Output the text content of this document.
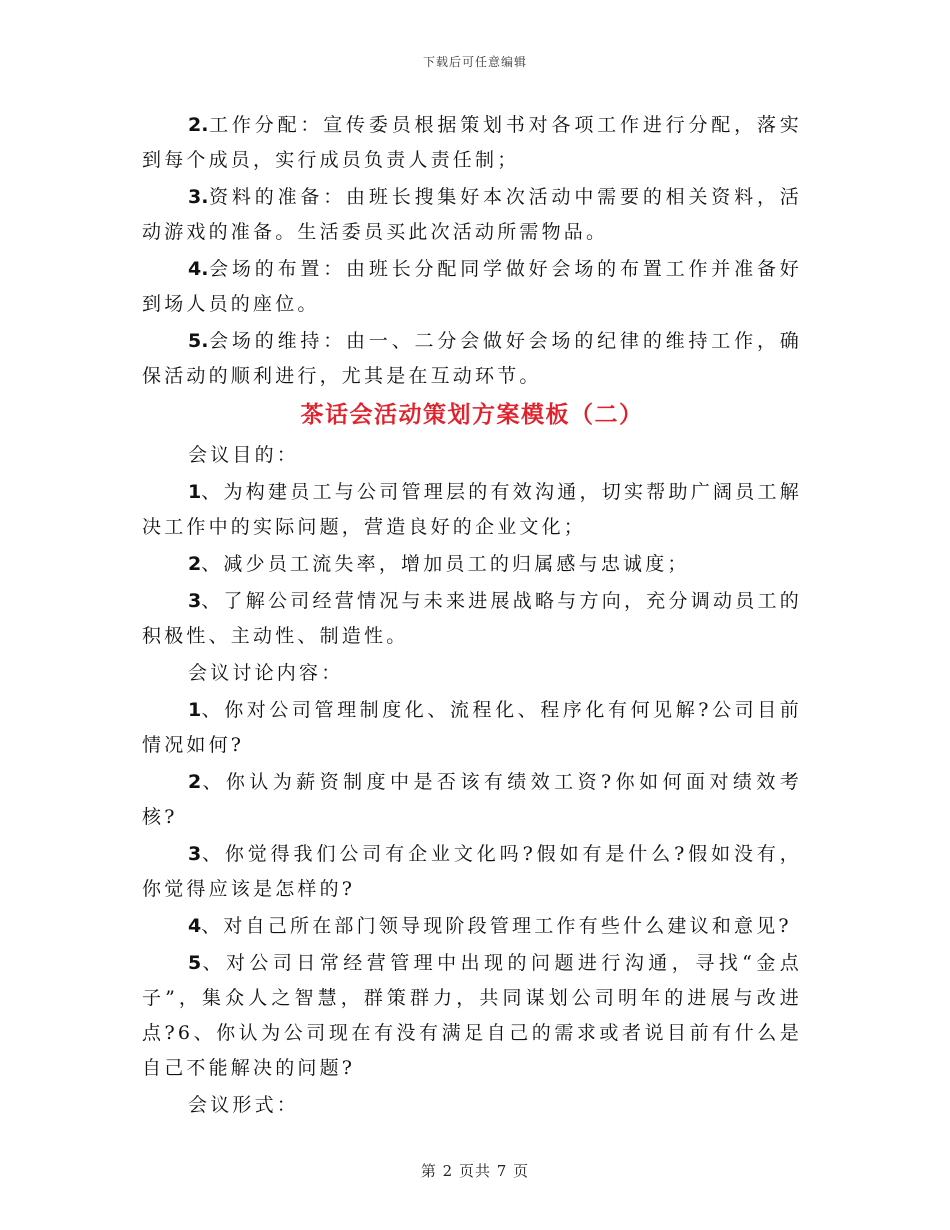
下载后可任意编辑

2.工作分配：宣传委员根据策划书对各项工作进行分配，落实到每个成员，实行成员负责人责任制；

3.资料的准备：由班长搜集好本次活动中需要的相关资料，活动游戏的准备。生活委员买此次活动所需物品。

4.会场的布置：由班长分配同学做好会场的布置工作并准备好到场人员的座位。

5.会场的维持：由一、二分会做好会场的纪律的维持工作，确保活动的顺利进行，尤其是在互动环节。

茶话会活动策划方案模板（二）

会议目的：

1、为构建员工与公司管理层的有效沟通，切实帮助广阔员工解决工作中的实际问题，营造良好的企业文化；

2、减少员工流失率，增加员工的归属感与忠诚度；

3、了解公司经营情况与未来进展战略与方向，充分调动员工的积极性、主动性、制造性。

会议讨论内容：

1、你对公司管理制度化、流程化、程序化有何见解?公司目前情况如何?

2、你认为薪资制度中是否该有绩效工资?你如何面对绩效考核?

3、你觉得我们公司有企业文化吗?假如有是什么?假如没有，你觉得应该是怎样的?

4、对自己所在部门领导现阶段管理工作有些什么建议和意见?

5、对公司日常经营管理中出现的问题进行沟通，寻找“金点子”，集众人之智慧，群策群力，共同谋划公司明年的进展与改进点?6、你认为公司现在有没有满足自己的需求或者说目前有什么是自己不能解决的问题?

会议形式：

第 2 页共 7 页
